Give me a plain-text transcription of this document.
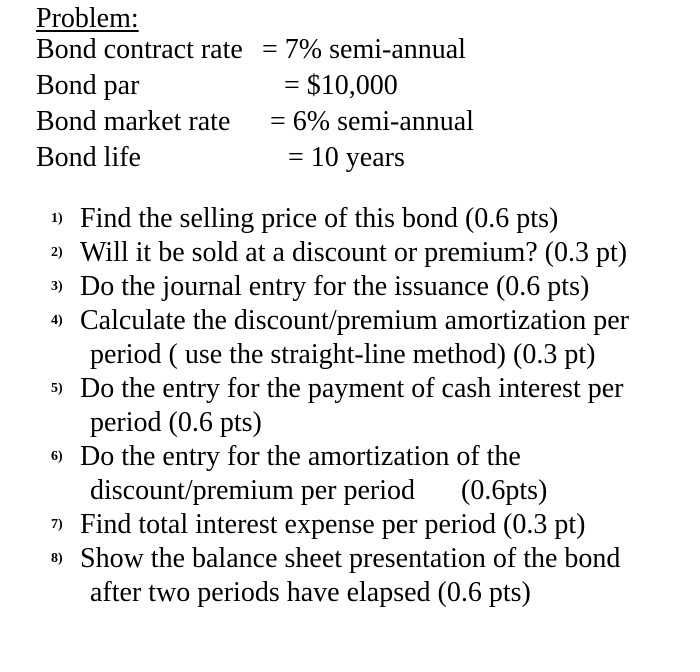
Problem:
Bond contract rate = 7% semi-annual
Bond par	= $10,000
Bond market rate = 6% semi-annual
Bond life	= 10 years
1) Find the selling price of this bond (0.6 pts)
2) Will it be sold at a discount or premium? (0.3 pt)
3) Do the journal entry for the issuance (0.6 pts)
4) Calculate the discount/premium amortization per
period ( use the straight-line method) (0.3 pt)
5) Do the entry for the payment of cash interest per
period (0.6 pts)
6) Do the entry for the amortization of the
discount/premium per period (0.6pts)
7) Find total interest expense per period (0.3 pt)
8) Show the balance sheet presentation of the bond
after two periods have elapsed (0.6 pts)
